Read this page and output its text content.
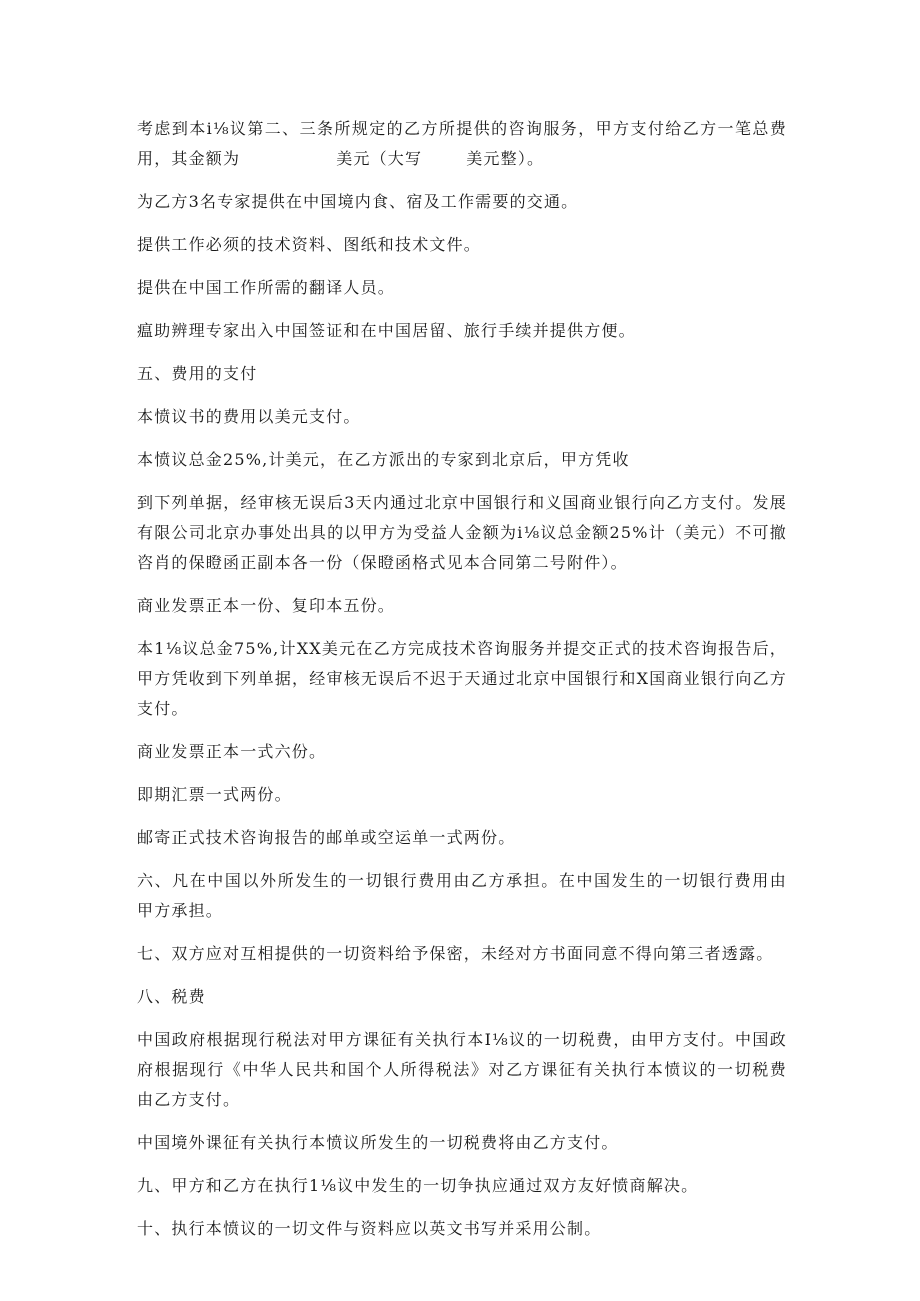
考虑到本i⅛议第二、三条所规定的乙方所提供的咨询服务，甲方支付给乙方一笔总费用，其金额为	美元（大写	美元整）。

为乙方3名专家提供在中国境内食、宿及工作需要的交通。

提供工作必须的技术资料、图纸和技术文件。

提供在中国工作所需的翻译人员。

瘟助辨理专家出入中国签证和在中国居留、旅行手续并提供方便。

五、费用的支付

本愤议书的费用以美元支付。

本愤议总金25%,计美元，在乙方派出的专家到北京后，甲方凭收

到下列单据，经审核无误后3天内通过北京中国银行和义国商业银行向乙方支付。发展有限公司北京办事处出具的以甲方为受益人金额为i⅛议总金额25%计（美元）不可撤咨肖的保瞪函正副本各一份（保瞪函格式见本合同第二号附件）。

商业发票正本一份、复印本五份。

本1⅛议总金75%,计XX美元在乙方完成技术咨询服务并提交正式的技术咨询报告后，甲方凭收到下列单据，经审核无误后不迟于天通过北京中国银行和X国商业银行向乙方支付。

商业发票正本一式六份。

即期汇票一式两份。

邮寄正式技术咨询报告的邮单或空运单一式两份。

六、凡在中国以外所发生的一切银行费用由乙方承担。在中国发生的一切银行费用由甲方承担。

七、双方应对互相提供的一切资料给予保密，未经对方书面同意不得向第三者透露。

八、税费

中国政府根据现行税法对甲方课征有关执行本I⅛议的一切税费，由甲方支付。中国政府根据现行《中华人民共和国个人所得税法》对乙方课征有关执行本愤议的一切税费由乙方支付。

中国境外课征有关执行本愤议所发生的一切税费将由乙方支付。

九、甲方和乙方在执行1⅛议中发生的一切争执应通过双方友好愤商解决。

十、执行本愤议的一切文件与资料应以英文书写并采用公制。
